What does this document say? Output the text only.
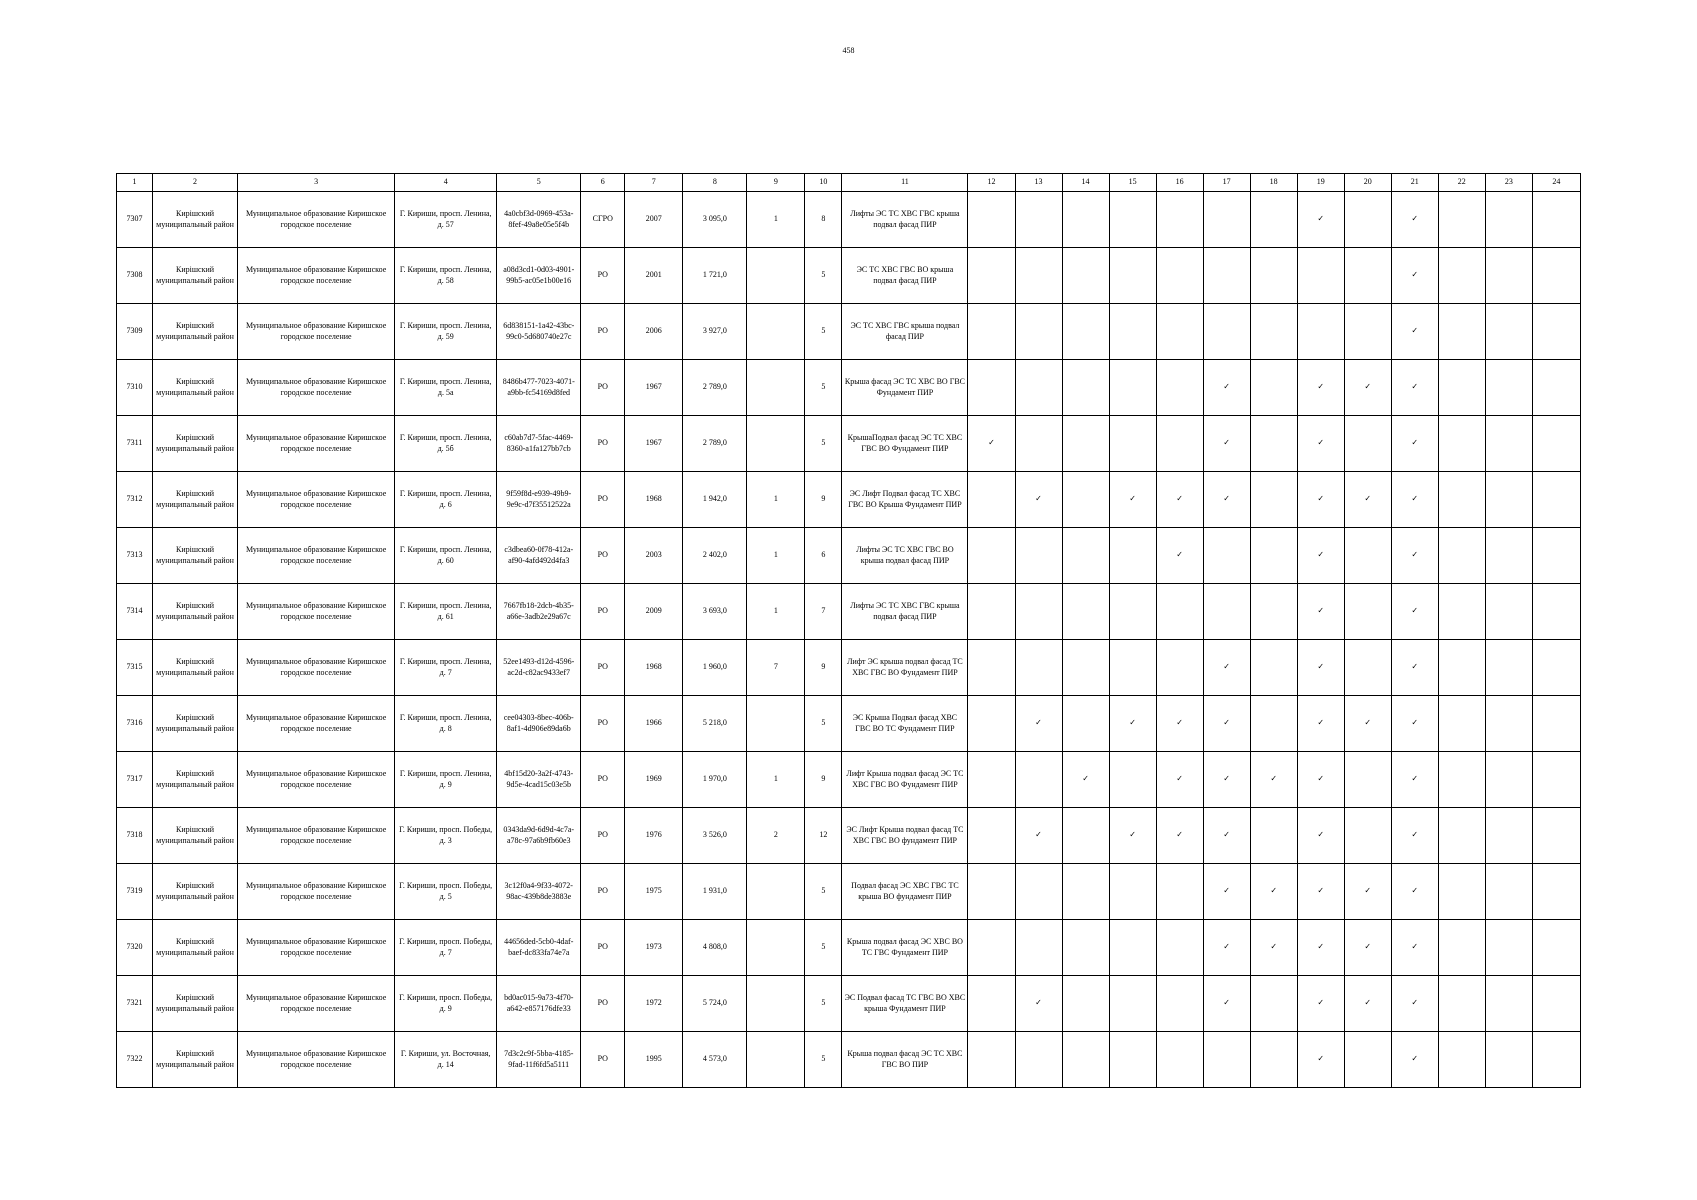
458
1	2	3	4	5	6	7	8	9	10	11	12	13	14	15	16	17	18	19	20	21	22	23	24
7307	Кирішский муниципальный район	Муниципальное образование Киришское городское поселение	Г. Кириши, просп. Ленина, д. 57	4a0cbf3d-0969-453a-8fef-49a8e05e5f4b	СГРО	2007	3 095,0	1	8	Лифты ЭС ТС ХВС ГВС крыша подвал фасад ПИР								✓		✓			
7308	Кирішский муниципальный район	Муниципальное образование Киришское городское поселение	Г. Кириши, просп. Ленина, д. 58	a08d3cd1-0d03-4901-99b5-ac05e1b00e16	РО	2001	1 721,0		5	ЭС ТС ХВС ГВС ВО крыша подвал фасад ПИР										✓			
7309	Кирішский муниципальный район	Муниципальное образование Киришское городское поселение	Г. Кириши, просп. Ленина, д. 59	6d838151-1a42-43bc-99c0-5d680740e27c	РО	2006	3 927,0		5	ЭС ТС ХВС ГВС крыша подвал фасад ПИР										✓			
7310	Кирішский муниципальный район	Муниципальное образование Киришское городское поселение	Г. Кириши, просп. Ленина, д. 5а	8486b477-7023-4071-a9bb-fc54169d8fed	РО	1967	2 789,0		5	Крыша фасад ЭС ТС ХВС ВО ГВС Фундамент ПИР						✓		✓	✓	✓			
7311	Кирішский муниципальный район	Муниципальное образование Киришское городское поселение	Г. Кириши, просп. Ленина, д. 5б	c60ab7d7-5fac-4469-8360-a1fa127bb7cb	РО	1967	2 789,0		5	КрышаПодвал фасад ЭС ТС ХВС ГВС ВО Фундамент ПИР	✓					✓		✓		✓			
7312	Кирішский муниципальный район	Муниципальное образование Киришское городское поселение	Г. Кириши, просп. Ленина, д. 6	9f59f8d-e939-49b9-9e9c-d7f35512522a	РО	1968	1 942,0	1	9	ЭС Лифт Подвал фасад ТС ХВС ГВС ВО Крыша Фундамент ПИР		✓		✓	✓	✓		✓	✓	✓			
7313	Кирішский муниципальный район	Муниципальное образование Киришское городское поселение	Г. Кириши, просп. Ленина, д. 60	c3dbea60-0f78-412a-af90-4afd492d4fa3	РО	2003	2 402,0	1	6	Лифты ЭС ТС ХВС ГВС ВО крыша подвал фасад ПИР					✓			✓		✓			
7314	Кирішский муниципальный район	Муниципальное образование Киришское городское поселение	Г. Кириши, просп. Ленина, д. 61	7667fb18-2dcb-4b35-a66e-3adb2e29a67c	РО	2009	3 693,0	1	7	Лифты ЭС ТС ХВС ГВС крыша подвал фасад ПИР								✓		✓			
7315	Кирішский муниципальный район	Муниципальное образование Киришское городское поселение	Г. Кириши, просп. Ленина, д. 7	52ee1493-d12d-4596-ac2d-c82ac9433ef7	РО	1968	1 960,0	7	9	Лифт ЭС крыша подвал фасад ТС ХВС ГВС ВО Фундамент ПИР						✓		✓		✓			
7316	Кирішский муниципальный район	Муниципальное образование Киришское городское поселение	Г. Кириши, просп. Ленина, д. 8	cee04303-8bec-406b-8af1-4d906e89da6b	РО	1966	5 218,0		5	ЭС Крыша Подвал фасад ХВС ГВС ВО ТС Фундамент ПИР		✓		✓	✓	✓		✓	✓	✓			
7317	Кирішский муниципальный район	Муниципальное образование Киришское городское поселение	Г. Кириши, просп. Ленина, д. 9	4bf15d20-3a2f-4743-9d5e-4cad15c03e5b	РО	1969	1 970,0	1	9	Лифт Крыша подвал фасад ЭС ТС ХВС ГВС ВО Фундамент ПИР			✓		✓	✓	✓	✓		✓			
7318	Кирішский муниципальный район	Муниципальное образование Киришское городское поселение	Г. Кириши, просп. Победы, д. 3	0343da9d-6d9d-4c7a-a78c-97a6b9fb60e3	РО	1976	3 526,0	2	12	ЭС Лифт Крыша подвал фасад ТС ХВС ГВС ВО фундамент ПИР		✓		✓	✓	✓		✓		✓			
7319	Кирішский муниципальный район	Муниципальное образование Киришское городское поселение	Г. Кириши, просп. Победы, д. 5	3c12f0a4-9f33-4072-98ac-439b8de3883e	РО	1975	1 931,0		5	Подвал фасад ЭС ХВС ГВС ТС крыша ВО фундамент ПИР						✓	✓	✓	✓	✓			
7320	Кирішский муниципальный район	Муниципальное образование Киришское городское поселение	Г. Кириши, просп. Победы, д. 7	44656ded-5cb0-4daf-baef-dc833fa74e7a	РО	1973	4 808,0		5	Крыша подвал фасад ЭС ХВС ВО ТС ГВС Фундамент ПИР						✓	✓	✓	✓	✓			
7321	Кирішский муниципальный район	Муниципальное образование Киришское городское поселение	Г. Кириши, просп. Победы, д. 9	bd0ac015-9a73-4f70-a642-e857176dfe33	РО	1972	5 724,0		5	ЭС Подвал фасад ТС ГВС ВО ХВС крыша Фундамент ПИР		✓				✓		✓	✓	✓			
7322	Кирішский муниципальный район	Муниципальное образование Киришское городское поселение	Г. Кириши, ул. Восточная, д. 14	7d3c2c9f-5bba-4185-9fad-11f6fd5a5111	РО	1995	4 573,0		5	Крыша подвал фасад ЭС ТС ХВС ГВС ВО ПИР								✓		✓			
